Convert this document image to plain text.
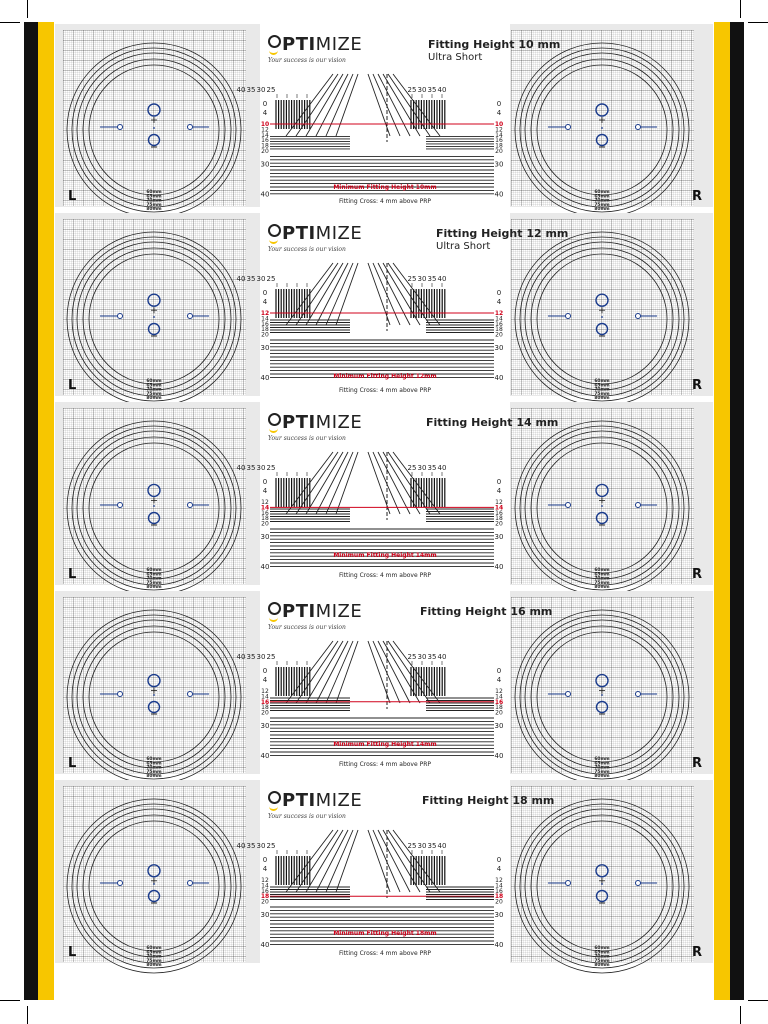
60mm
65mm
70mm
75mm
80mm
L	60mm
65mm
70mm
75mm
80mm
R
40 35 30 25	25 30 35 40
0	0
4	4
10	10
12	12
14	14
16	16
18	18
20	20
30	30
40	40
PTIMIZE
Your success is our vision
Fitting Height 10 mm
Ultra Short
Minimum Fitting Height 10mm
Fitting Cross: 4 mm above PRP
60mm
65mm
70mm
75mm
80mm
L	60mm
65mm
70mm
75mm
80mm
R
40 35 30 25	25 30 35 40
0	0
4	4
12	12
14	14
16	16
18	18
20	20
30	30
40	40
PTIMIZE
Your success is our vision
Fitting Height 12 mm
Ultra Short
Minimum Fitting Height 12mm
Fitting Cross: 4 mm above PRP
60mm
65mm
70mm
75mm
80mm
L	60mm
65mm
70mm
75mm
80mm
R
40 35 30 25	25 30 35 40
0	0
4	4
12	12
14	14
16	16
18	18
20	20
30	30
40	40
PTIMIZE
Your success is our vision
Fitting Height 14 mm
Minimum Fitting Height 14mm
Fitting Cross: 4 mm above PRP
60mm
65mm
70mm
75mm
80mm
L	60mm
65mm
70mm
75mm
80mm
R
40 35 30 25	25 30 35 40
0	0
4	4
12	12
14	14
16	16
18	18
20	20
30	30
40	40
PTIMIZE
Your success is our vision
Fitting Height 16 mm
Minimum Fitting Height 14mm
Fitting Cross: 4 mm above PRP
60mm
65mm
70mm
75mm
80mm
L	60mm
65mm
70mm
75mm
80mm
R
40 35 30 25	25 30 35 40
0	0
4	4
12	12
14	14
16	16
18	18
20	20
30	30
40	40
PTIMIZE
Your success is our vision
Fitting Height 18 mm
Minimum Fitting Height 18mm
Fitting Cross: 4 mm above PRP
